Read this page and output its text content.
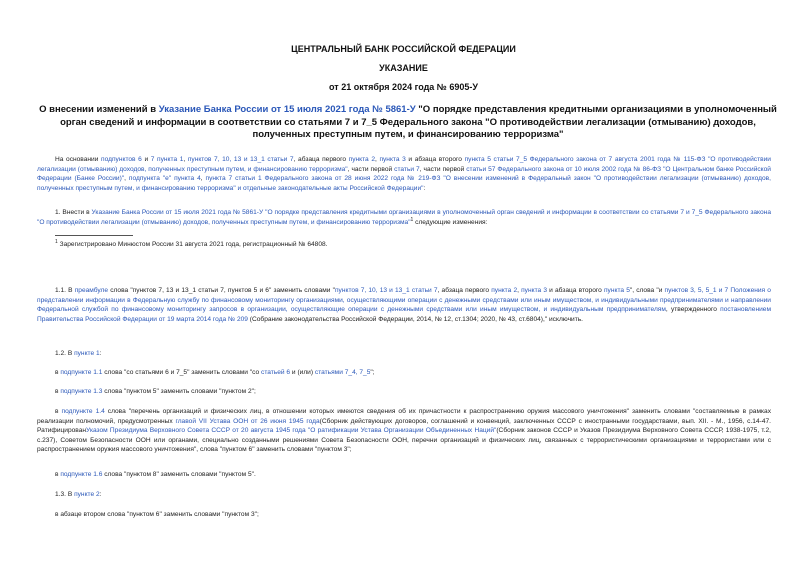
ЦЕНТРАЛЬНЫЙ БАНК РОССИЙСКОЙ ФЕДЕРАЦИИ
УКАЗАНИЕ
от 21 октября 2024 года № 6905-У
О внесении изменений в Указание Банка России от 15 июля 2021 года № 5861-У "О порядке представления кредитными организациями в уполномоченный орган сведений и информации в соответствии со статьями 7 и 7_5 Федерального закона "О противодействии легализации (отмыванию) доходов, полученных преступным путем, и финансированию терроризма"
На основании подпунктов 6 и 7 пункта 1, пунктов 7, 10, 13 и 13_1 статьи 7, абзаца первого пункта 2, пункта 3 и абзаца второго пункта 5 статьи 7_5 Федерального закона от 7 августа 2001 года № 115-ФЗ "О противодействии легализации (отмыванию) доходов, полученных преступным путем, и финансированию терроризма", части первой статьи 7, части первой статьи 57 Федерального закона от 10 июля 2002 года № 86-ФЗ "О Центральном банке Российской Федерации (Банке России)", подпункта "е" пункта 4, пункта 7 статьи 1 Федерального закона от 28 июня 2022 года № 219-ФЗ "О внесении изменений в Федеральный закон "О противодействии легализации (отмыванию) доходов, полученных преступным путем, и финансированию терроризма" и отдельные законодательные акты Российской Федерации":
1. Внести в Указание Банка России от 15 июля 2021 года № 5861-У "О порядке представления кредитными организациями в уполномоченный орган сведений и информации в соответствии со статьями 7 и 7_5 Федерального закона "О противодействии легализации (отмыванию) доходов, полученных преступным путем, и финансированию терроризма"$^1$ следующие изменения:
$^1$ Зарегистрировано Минюстом России 31 августа 2021 года, регистрационный № 64808.
1.1. В преамбуле слова "пунктов 7, 13 и 13_1 статьи 7, пунктов 5 и 6" заменить словами "пунктов 7, 10, 13 и 13_1 статьи 7, абзаца первого пункта 2, пункта 3 и абзаца второго пункта 5", слова "и пунктов 3, 5, 5_1 и 7 Положения о представлении информации в Федеральную службу по финансовому мониторингу организациями, осуществляющими операции с денежными средствами или иным имуществом, и индивидуальными предпринимателями и направлении Федеральной службой по финансовому мониторингу запросов в организации, осуществляющие операции с денежными средствами или иным имуществом, и индивидуальным предпринимателям, утвержденного постановлением Правительства Российской Федерации от 19 марта 2014 года № 209 (Собрание законодательства Российской Федерации, 2014, № 12, ст.1304; 2020, № 43, ст.6804)," исключить.
1.2. В пункте 1:
в подпункте 1.1 слова "со статьями 6 и 7_5" заменить словами "со статьей 6 и (или) статьями 7_4, 7_5";
в подпункте 1.3 слова "пунктом 5" заменить словами "пунктом 2";
в подпункте 1.4 слова "перечень организаций и физических лиц, в отношении которых имеются сведения об их причастности к распространению оружия массового уничтожения" заменить словами "составляемые в рамках реализации полномочий, предусмотренных главой VII Устава ООН от 26 июня 1945 года(Сборник действующих договоров, соглашений и конвенций, заключенных СССР с иностранными государствами, вып. XII. - М., 1956, с.14-47. РатифицированУказом Президиума Верховного Совета СССР от 20 августа 1945 года "О ратификации Устава Организации Объединенных Наций"(Сборник законов СССР и Указов Президиума Верховного Совета СССР, 1938-1975, т.2, с.237), Советом Безопасности ООН или органами, специально созданными решениями Совета Безопасности ООН, перечни организаций и физических лиц, связанных с террористическими организациями и террористами или с распространением оружия массового уничтожения", слова "пунктом 6" заменить словами "пунктом 3";
в подпункте 1.6 слова "пунктом 8" заменить словами "пунктом 5".
1.3. В пункте 2:
в абзаце втором слова "пунктом 6" заменить словами "пунктом 3";
